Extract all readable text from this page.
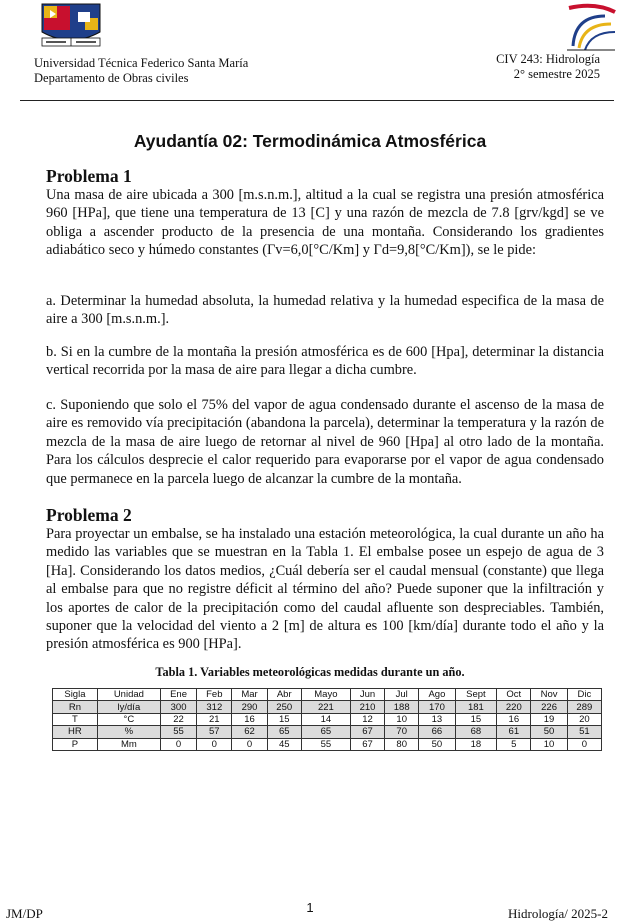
Universidad Técnica Federico Santa María
Departamento de Obras civiles
CIV 243: Hidrología
2° semestre 2025
Ayudantía 02: Termodinámica Atmosférica
Problema 1
Una masa de aire ubicada a 300 [m.s.n.m.], altitud a la cual se registra una presión atmosférica 960 [HPa], que tiene una temperatura de 13 [C] y una razón de mezcla de 7.8 [grv/kgd] se ve obliga a ascender producto de la presencia de una montaña. Considerando los gradientes adiabático seco y húmedo constantes (Γv=6,0[°C/Km] y Γd=9,8[°C/Km]), se le pide:
a. Determinar la humedad absoluta, la humedad relativa y la humedad especifica de la masa de aire a 300 [m.s.n.m.].
b. Si en la cumbre de la montaña la presión atmosférica es de 600 [Hpa], determinar la distancia vertical recorrida por la masa de aire para llegar a dicha cumbre.
c. Suponiendo que solo el 75% del vapor de agua condensado durante el ascenso de la masa de aire es removido vía precipitación (abandona la parcela), determinar la temperatura y la razón de mezcla de la masa de aire luego de retornar al nivel de 960 [Hpa] al otro lado de la montaña. Para los cálculos desprecie el calor requerido para evaporarse por el vapor de agua condensado que permanece en la parcela luego de alcanzar la cumbre de la montaña.
Problema 2
Para proyectar un embalse, se ha instalado una estación meteorológica, la cual durante un año ha medido las variables que se muestran en la Tabla 1. El embalse posee un espejo de agua de 3 [Ha]. Considerando los datos medios, ¿Cuál debería ser el caudal mensual (constante) que llega al embalse para que no registre déficit al término del año? Puede suponer que la infiltración y los aportes de calor de la precipitación como del caudal afluente son despreciables. También, suponer que la velocidad del viento a 2 [m] de altura es 100 [km/día] durante todo el año y la presión atmosférica es 900 [HPa].
Tabla 1. Variables meteorológicas medidas durante un año.
Sigla	Unidad	Ene	Feb	Mar	Abr	Mayo	Jun	Jul	Ago	Sept	Oct	Nov	Dic
Rn	ly/día	300	312	290	250	221	210	188	170	181	220	226	289
T	°C	22	21	16	15	14	12	10	13	15	16	19	20
HR	%	55	57	62	65	65	67	70	66	68	61	50	51
P	Mm	0	0	0	45	55	67	80	50	18	5	10	0
JM/DP	1	Hidrología/ 2025-2
